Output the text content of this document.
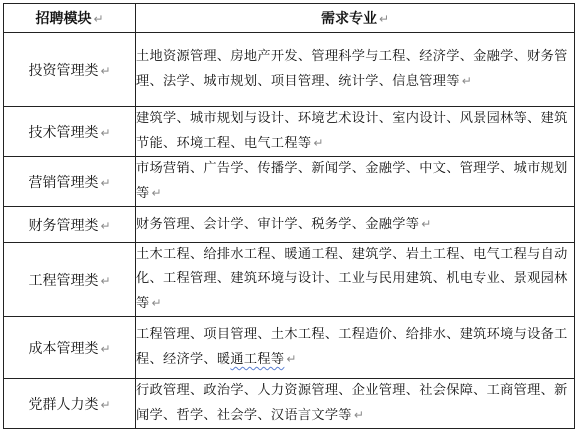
招聘模块 ↵	需求专业 ↵
投资管理类 ↵	土地资源管理、房地产开发、管理科学与工程、经济学、金融学、财务管理、法学、城市规划、项目管理、统计学、信息管理等 ↵
技术管理类 ↵	建筑学、城市规划与设计、环境艺术设计、室内设计、风景园林等、建筑节能、环境工程、电气工程等 ↵
营销管理类 ↵	市场营销、广告学、传播学、新闻学、金融学、中文、管理学、城市规划等 ↵
财务管理类 ↵	财务管理、会计学、审计学、税务学、金融学等 ↵
工程管理类 ↵	土木工程、给排水工程、暖通工程、建筑学、岩土工程、电气工程与自动化、工程管理、建筑环境与设计、工业与民用建筑、机电专业、景观园林等 ↵
成本管理类 ↵	工程管理、项目管理、土木工程、工程造价、给排水、建筑环境与设备工程、经济学、暖通工程等 ↵
党群人力类 ↵	行政管理、政治学、人力资源管理、企业管理、社会保障、工商管理、新闻学、哲学、社会学、汉语言文学等 ↵
